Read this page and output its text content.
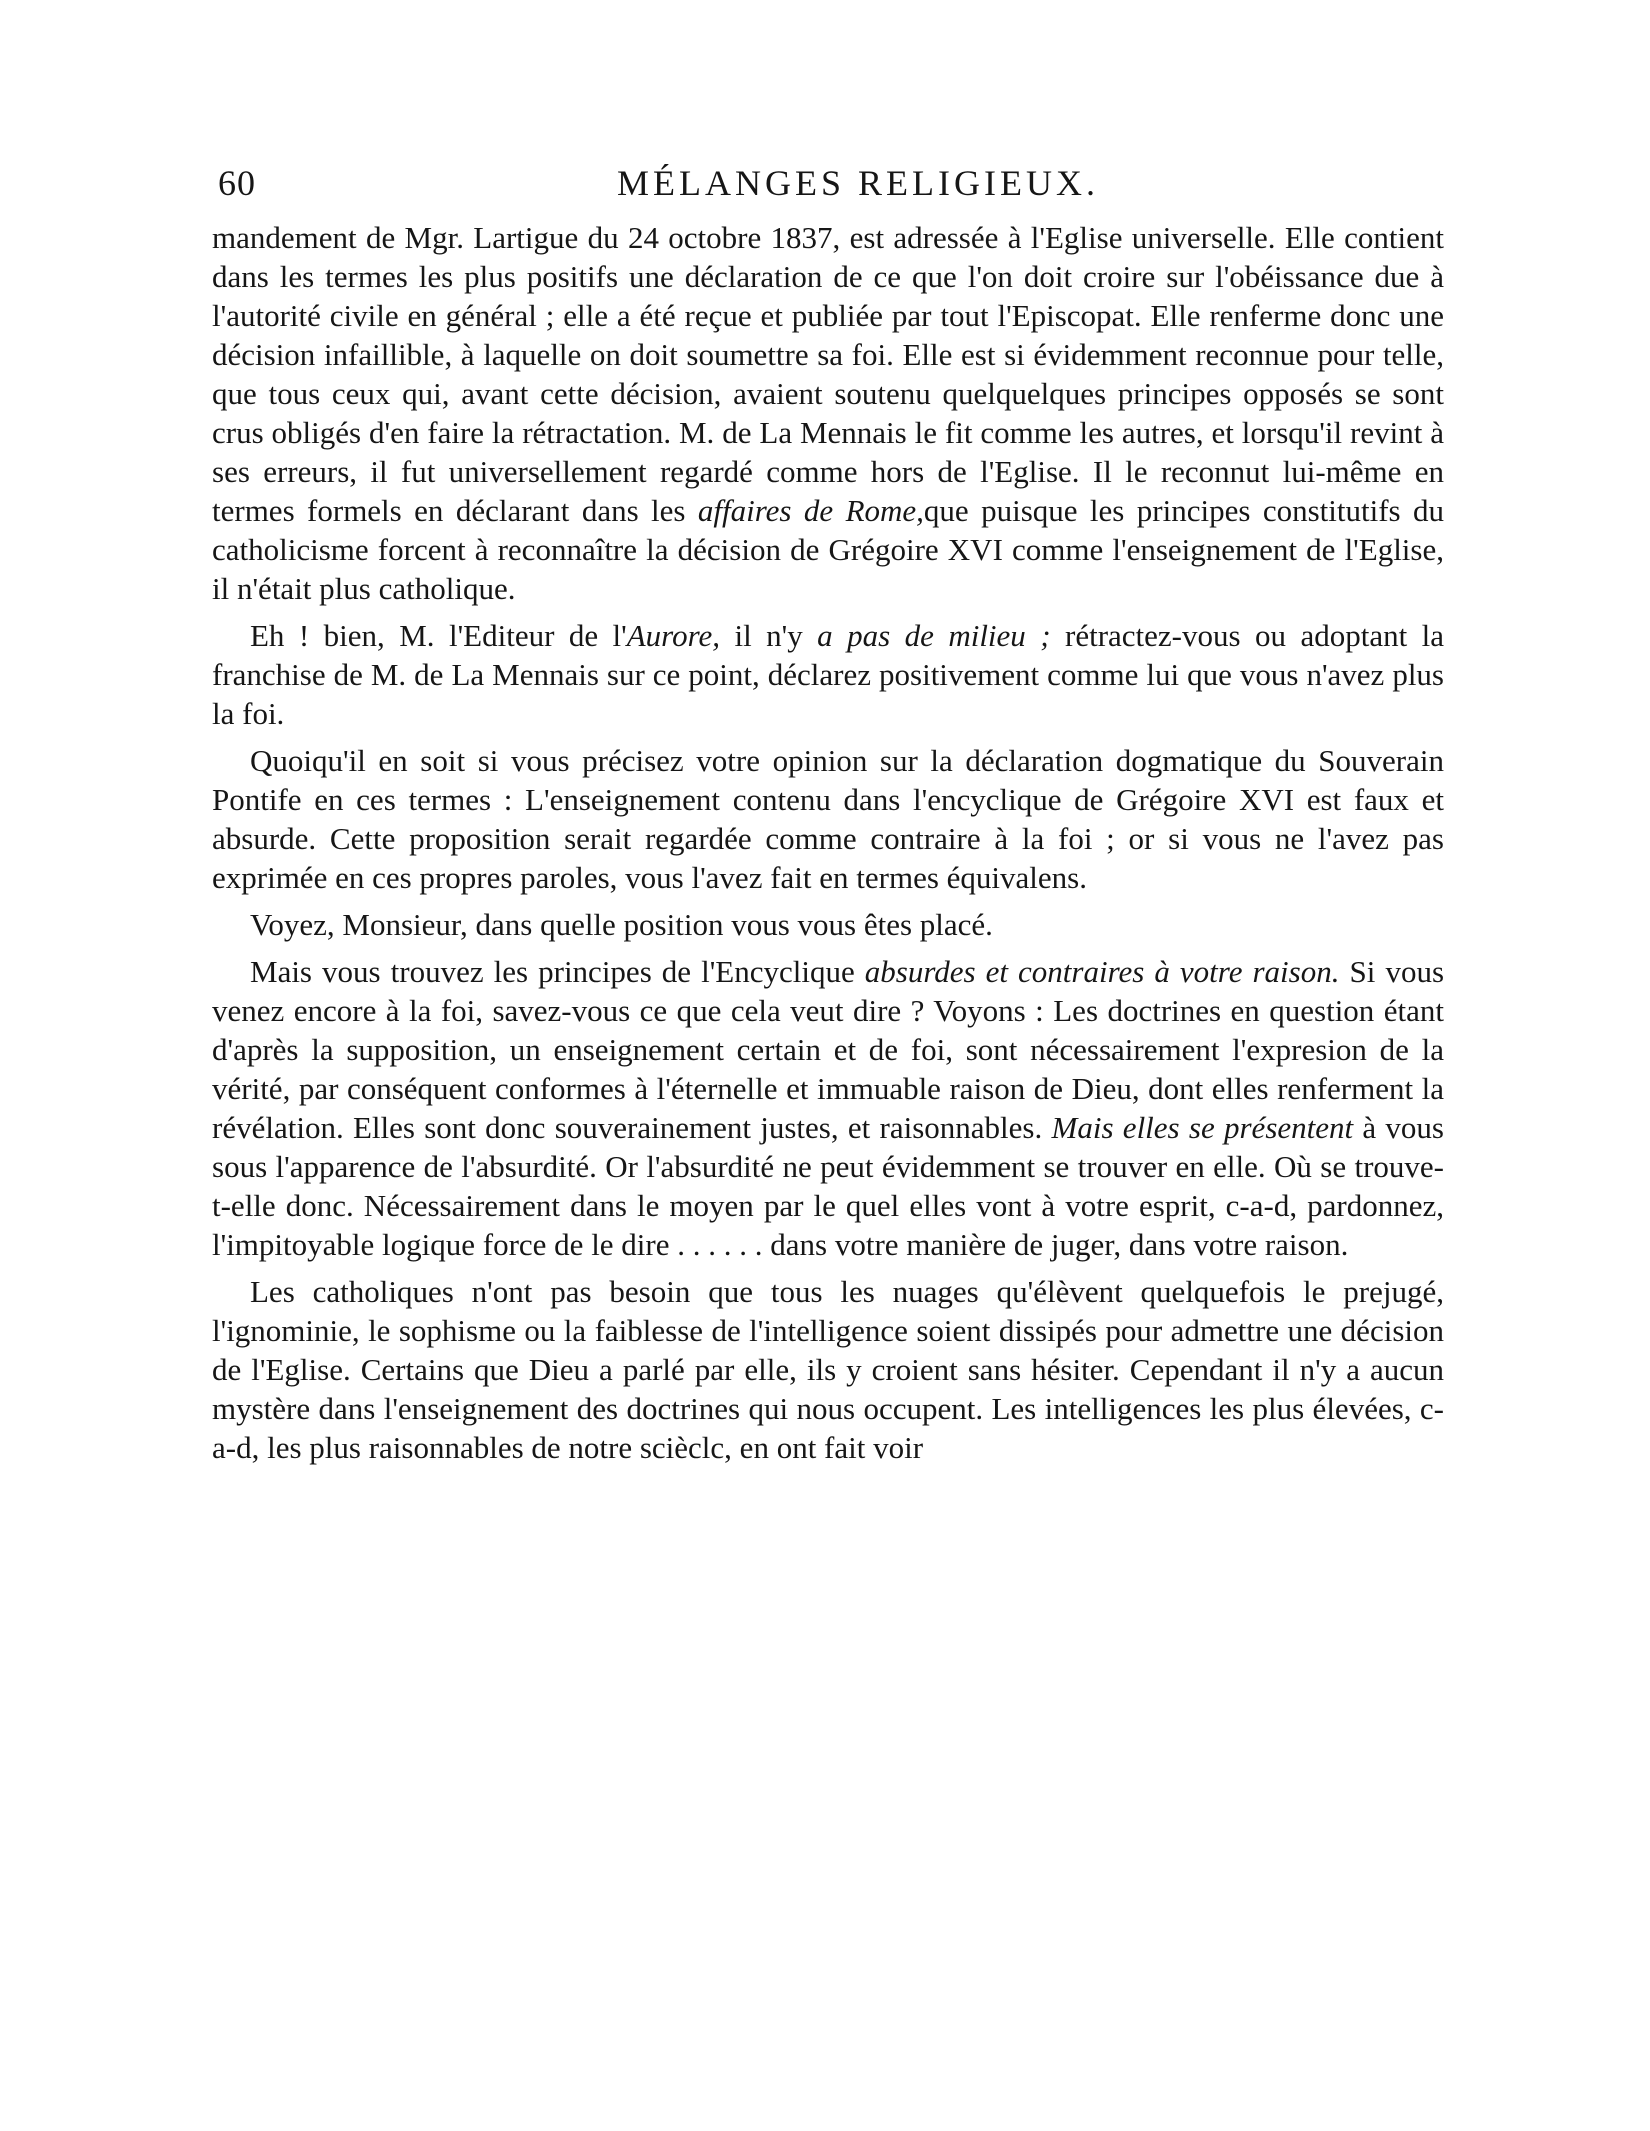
60	MÉLANGES RELIGIEUX.

mandement de Mgr. Lartigue du 24 octobre 1837, est adressée à l'Eglise universelle. Elle contient dans les termes les plus positifs une déclaration de ce que l'on doit croire sur l'obéissance due à l'autorité civile en général ; elle a été reçue et publiée par tout l'Episcopat. Elle renferme donc une décision infaillible, à laquelle on doit soumettre sa foi. Elle est si évidemment reconnue pour telle, que tous ceux qui, avant cette décision, avaient soutenu quelquelques principes opposés se sont crus obligés d'en faire la rétractation. M. de La Mennais le fit comme les autres, et lorsqu'il revint à ses erreurs, il fut universellement regardé comme hors de l'Eglise. Il le reconnut lui-même en termes formels en déclarant dans les affaires de Rome,que puisque les principes constitutifs du catholicisme forcent à reconnaître la décision de Grégoire XVI comme l'enseignement de l'Eglise, il n'était plus catholique.

Eh ! bien, M. l'Editeur de l'Aurore, il n'y a pas de milieu ; rétractez-vous ou adoptant la franchise de M. de La Mennais sur ce point, déclarez positivement comme lui que vous n'avez plus la foi.

Quoiqu'il en soit si vous précisez votre opinion sur la déclaration dogmatique du Souverain Pontife en ces termes : L'enseignement contenu dans l'encyclique de Grégoire XVI est faux et absurde. Cette proposition serait regardée comme contraire à la foi ; or si vous ne l'avez pas exprimée en ces propres paroles, vous l'avez fait en termes équivalens.

Voyez, Monsieur, dans quelle position vous vous êtes placé.

Mais vous trouvez les principes de l'Encyclique absurdes et contraires à votre raison. Si vous venez encore à la foi, savez-vous ce que cela veut dire ? Voyons : Les doctrines en question étant d'après la supposition, un enseignement certain et de foi, sont nécessairement l'expresion de la vérité, par conséquent conformes à l'éternelle et immuable raison de Dieu, dont elles renferment la révélation. Elles sont donc souverainement justes, et raisonnables. Mais elles se présentent à vous sous l'apparence de l'absurdité. Or l'absurdité ne peut évidemment se trouver en elle. Où se trouve-t-elle donc. Nécessairement dans le moyen par le quel elles vont à votre esprit, c-a-d, pardonnez, l'impitoyable logique force de le dire . . . . . . dans votre manière de juger, dans votre raison.

Les catholiques n'ont pas besoin que tous les nuages qu'élèvent quelquefois le prejugé, l'ignominie, le sophisme ou la faiblesse de l'intelligence soient dissipés pour admettre une décision de l'Eglise. Certains que Dieu a parlé par elle, ils y croient sans hésiter. Cependant il n'y a aucun mystère dans l'enseignement des doctrines qui nous occupent. Les intelligences les plus élevées, c-a-d, les plus raisonnables de notre scièclc, en ont fait voir
